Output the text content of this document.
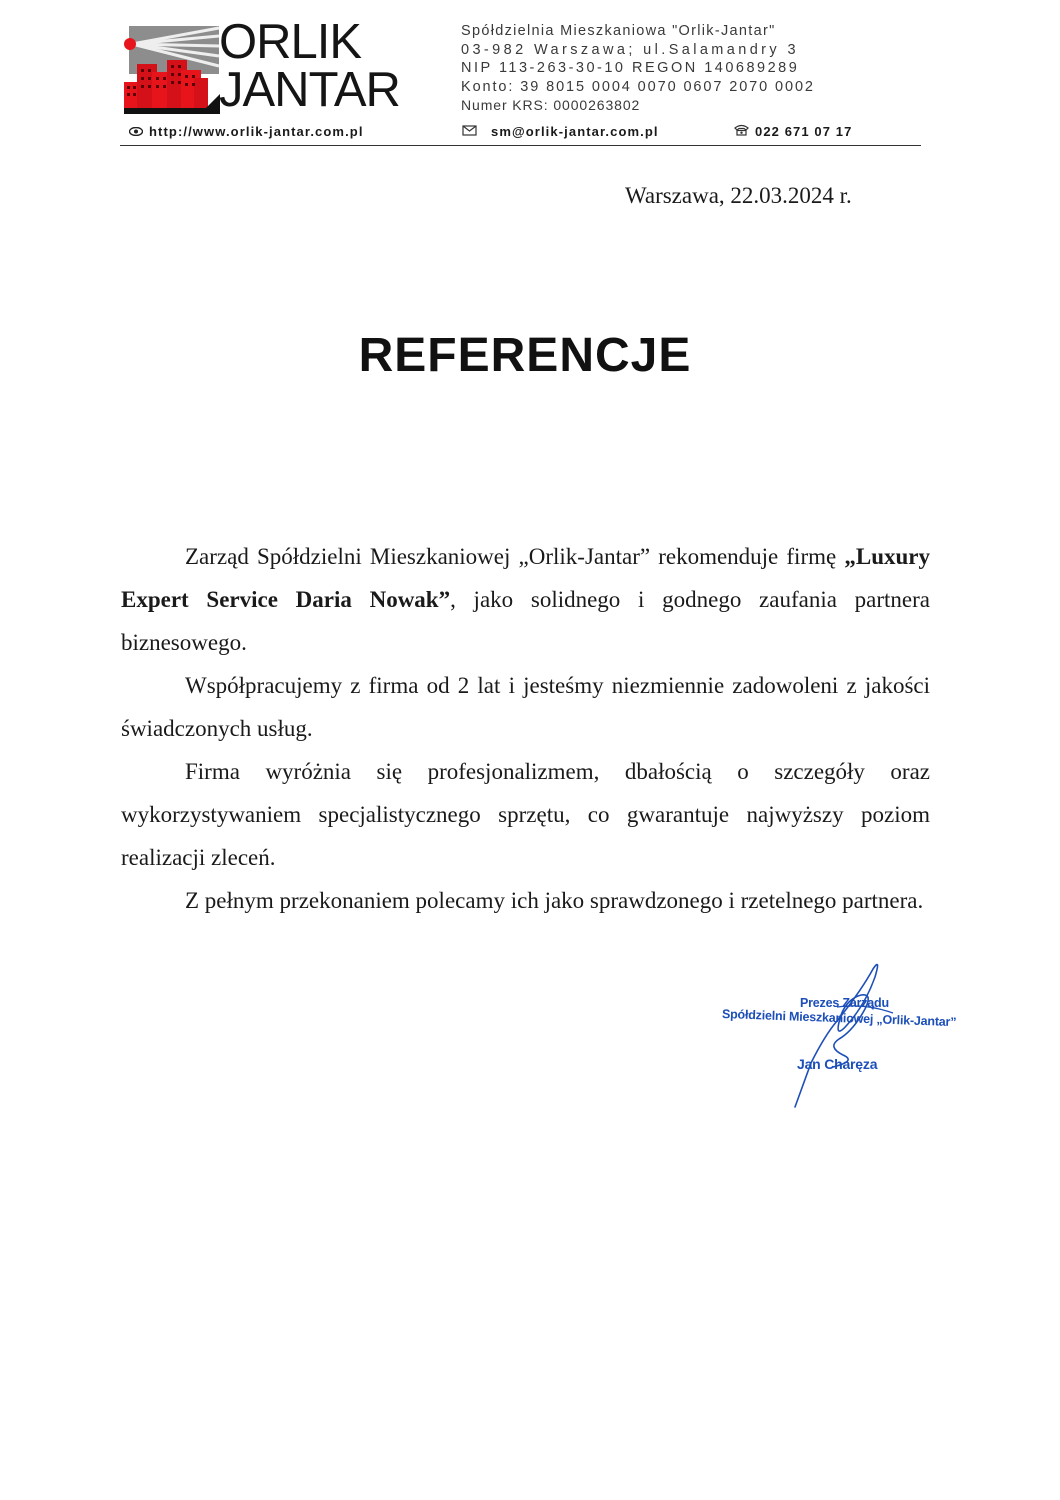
ORLIK
JANTAR
Spółdzielnia Mieszkaniowa "Orlik-Jantar"
03-982 Warszawa; ul.Salamandry 3
NIP 113-263-30-10 REGON 140689289
Konto: 39 8015 0004 0070 0607 2070 0002
Numer KRS: 0000263802
http://www.orlik-jantar.com.pl	sm@orlik-jantar.com.pl	022 671 07 17
Warszawa, 22.03.2024 r.
REFERENCJE

Zarząd Spółdzielni Mieszkaniowej „Orlik-Jantar” rekomenduje firmę „Luxury Expert Service Daria Nowak”, jako solidnego i godnego zaufania partnera biznesowego.

Współpracujemy z firma od 2 lat i jesteśmy niezmiennie zadowoleni z jakości świadczonych usług.

Firma wyróżnia się profesjonalizmem, dbałością o szczegóły oraz wykorzystywaniem specjalistycznego sprzętu, co gwarantuje najwyższy poziom realizacji zleceń.

Z pełnym przekonaniem polecamy ich jako sprawdzonego i rzetelnego partnera.

Prezes Zarządu
Spółdzielni Mieszkaniowej „Orlik-Jantar”
Jan Charęza
